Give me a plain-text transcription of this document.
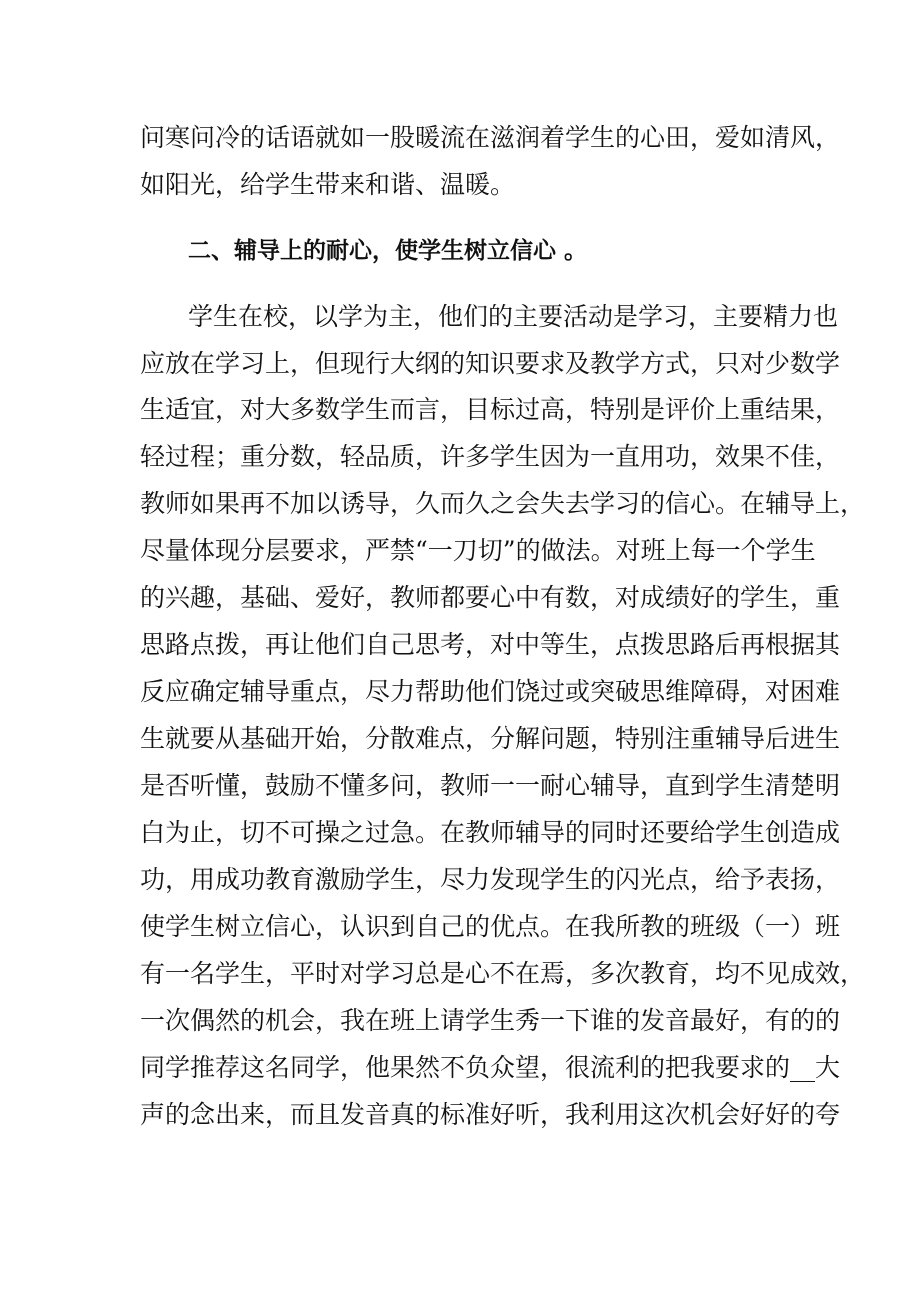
问寒问冷的话语就如一股暖流在滋润着学生的心田，爱如清风，
如阳光，给学生带来和谐、温暖。
二、辅导上的耐心，使学生树立信心 。
学生在校，以学为主，他们的主要活动是学习，主要精力也
应放在学习上，但现行大纲的知识要求及教学方式，只对少数学
生适宜，对大多数学生而言，目标过高，特别是评价上重结果，
轻过程；重分数，轻品质，许多学生因为一直用功，效果不佳，
教师如果再不加以诱导，久而久之会失去学习的信心。在辅导上，
尽量体现分层要求，严禁“一刀切”的做法。对班上每一个学生
的兴趣，基础、爱好，教师都要心中有数，对成绩好的学生，重
思路点拨，再让他们自己思考，对中等生，点拨思路后再根据其
反应确定辅导重点，尽力帮助他们饶过或突破思维障碍，对困难
生就要从基础开始，分散难点，分解问题，特别注重辅导后进生
是否听懂，鼓励不懂多问，教师一一耐心辅导，直到学生清楚明
白为止，切不可操之过急。在教师辅导的同时还要给学生创造成
功，用成功教育激励学生，尽力发现学生的闪光点，给予表扬，
使学生树立信心，认识到自己的优点。在我所教的班级（一）班
有一名学生，平时对学习总是心不在焉，多次教育，均不见成效，
一次偶然的机会，我在班上请学生秀一下谁的发音最好，有的的
同学推荐这名同学，他果然不负众望，很流利的把我要求的__大
声的念出来，而且发音真的标准好听，我利用这次机会好好的夸
